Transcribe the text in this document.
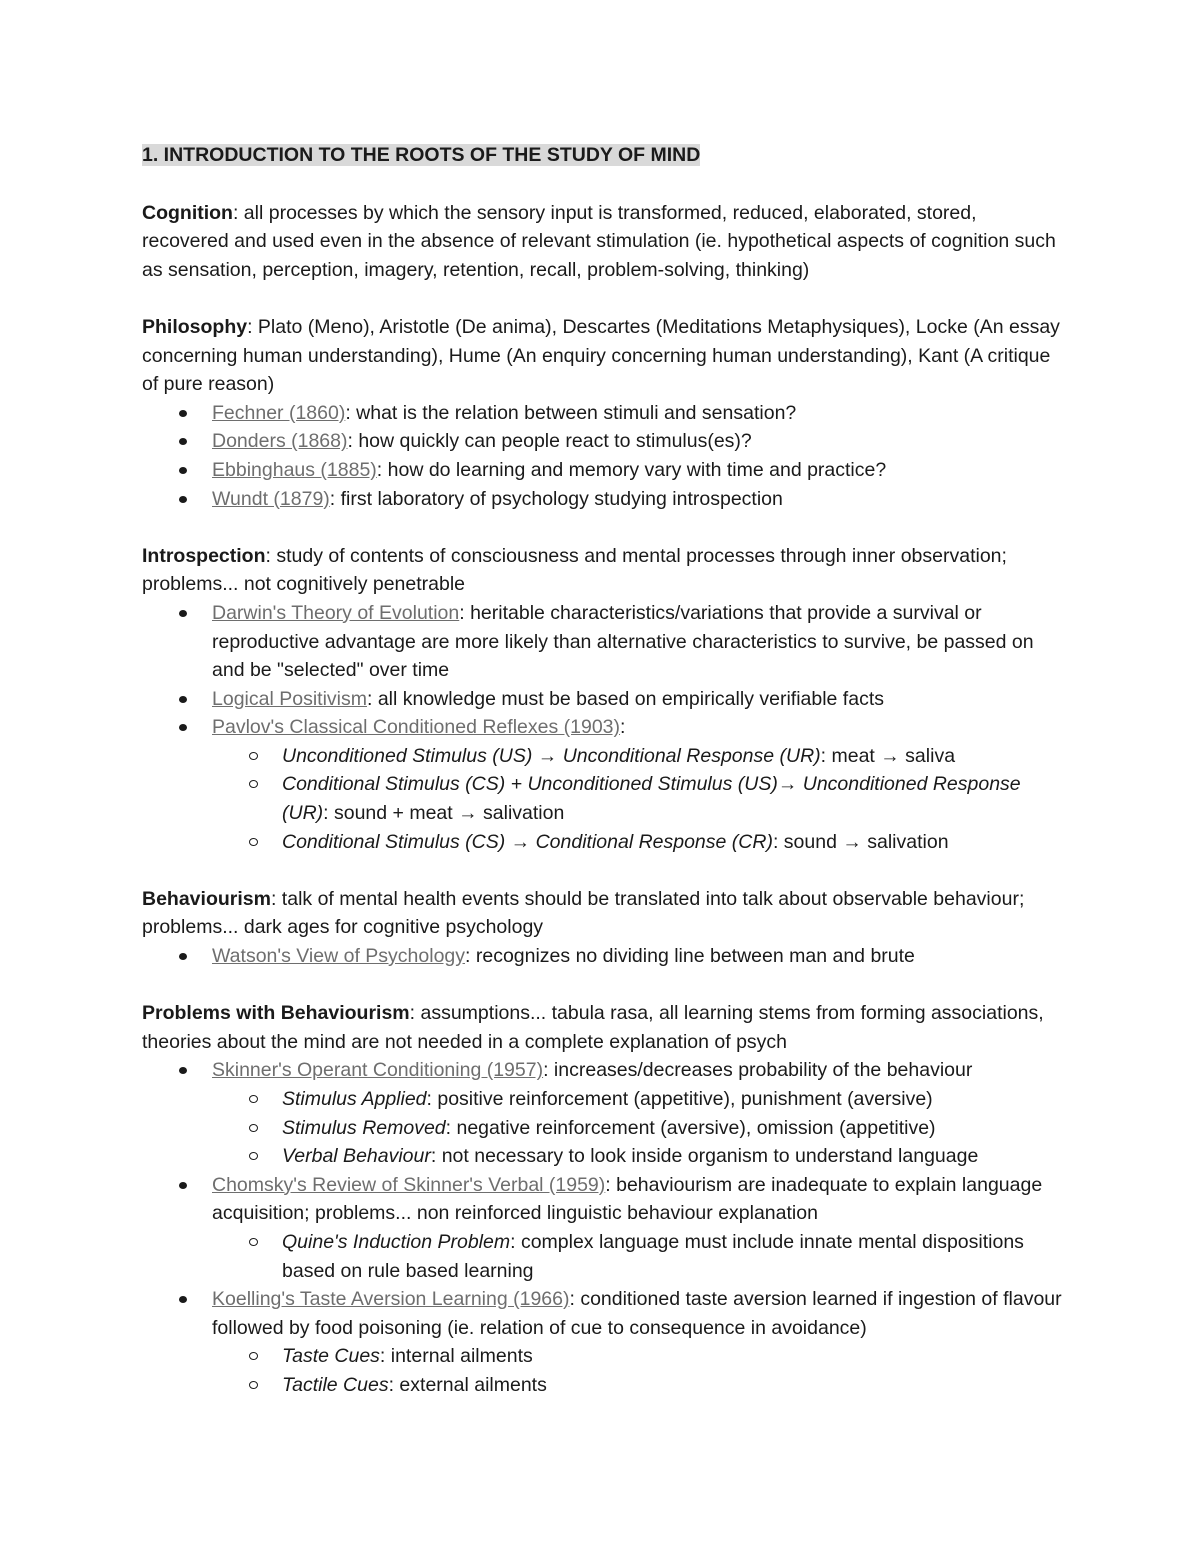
1. INTRODUCTION TO THE ROOTS OF THE STUDY OF MIND

Cognition: all processes by which the sensory input is transformed, reduced, elaborated, stored, recovered and used even in the absence of relevant stimulation (ie. hypothetical aspects of cognition such as sensation, perception, imagery, retention, recall, problem-solving, thinking)

Philosophy: Plato (Meno), Aristotle (De anima), Descartes (Meditations Metaphysiques), Locke (An essay concerning human understanding), Hume (An enquiry concerning human understanding), Kant (A critique of pure reason)

Fechner (1860): what is the relation between stimuli and sensation?
Donders (1868): how quickly can people react to stimulus(es)?
Ebbinghaus (1885): how do learning and memory vary with time and practice?
Wundt (1879): first laboratory of psychology studying introspection

Introspection: study of contents of consciousness and mental processes through inner observation; problems... not cognitively penetrable

Darwin's Theory of Evolution: heritable characteristics/variations that provide a survival or reproductive advantage are more likely than alternative characteristics to survive, be passed on and be "selected" over time
Logical Positivism: all knowledge must be based on empirically verifiable facts
Pavlov's Classical Conditioned Reflexes (1903):
Unconditioned Stimulus (US) → Unconditional Response (UR): meat → saliva
Conditional Stimulus (CS) + Unconditioned Stimulus (US)→ Unconditioned Response (UR): sound + meat → salivation
Conditional Stimulus (CS) → Conditional Response (CR): sound → salivation

Behaviourism: talk of mental health events should be translated into talk about observable behaviour; problems... dark ages for cognitive psychology

Watson's View of Psychology: recognizes no dividing line between man and brute

Problems with Behaviourism: assumptions... tabula rasa, all learning stems from forming associations, theories about the mind are not needed in a complete explanation of psych

Skinner's Operant Conditioning (1957): increases/decreases probability of the behaviour
Stimulus Applied: positive reinforcement (appetitive), punishment (aversive)
Stimulus Removed: negative reinforcement (aversive), omission (appetitive)
Verbal Behaviour: not necessary to look inside organism to understand language
Chomsky's Review of Skinner's Verbal (1959): behaviourism are inadequate to explain language acquisition; problems... non reinforced linguistic behaviour explanation
Quine's Induction Problem: complex language must include innate mental dispositions based on rule based learning
Koelling's Taste Aversion Learning (1966): conditioned taste aversion learned if ingestion of flavour followed by food poisoning (ie. relation of cue to consequence in avoidance)
Taste Cues: internal ailments
Tactile Cues: external ailments
